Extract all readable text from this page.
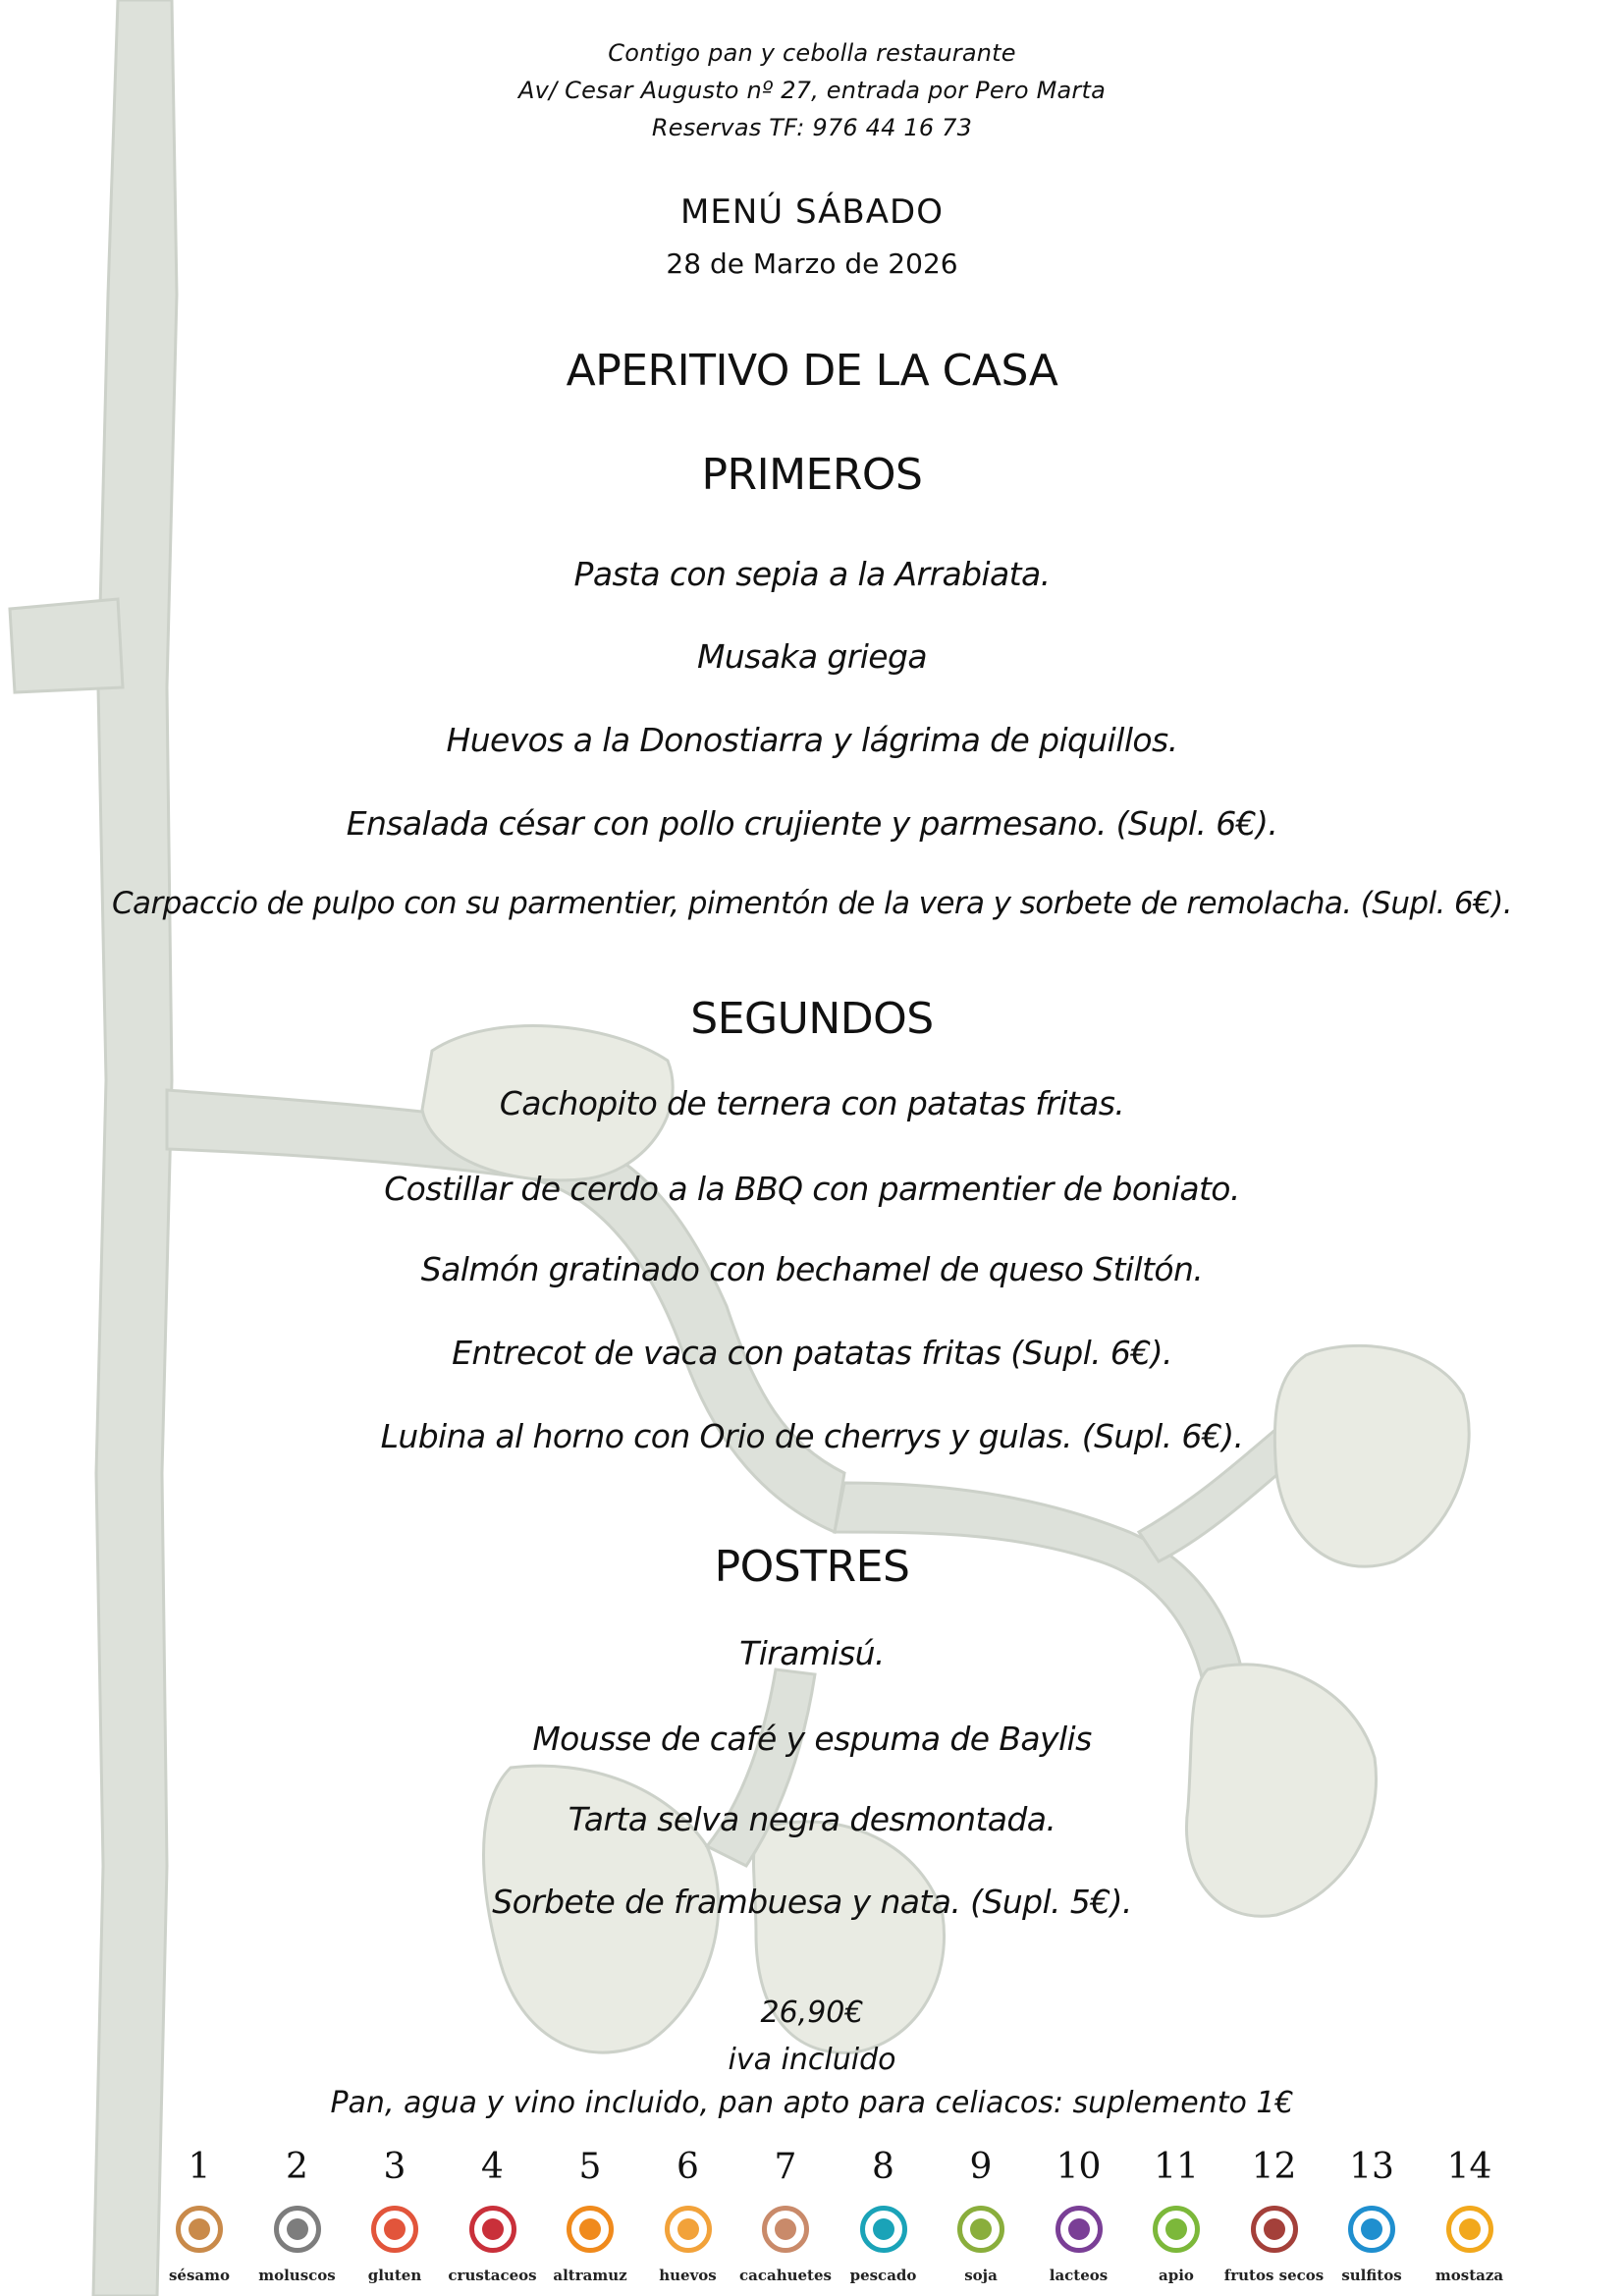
Contigo pan y cebolla restaurante
Av/ Cesar Augusto nº 27, entrada por Pero Marta
Reservas TF: 976 44 16 73
MENÚ SÁBADO
28 de Marzo de 2026
APERITIVO DE LA CASA
PRIMEROS
Pasta con sepia a la Arrabiata.
Musaka griega
Huevos a la Donostiarra y lágrima de piquillos.
Ensalada césar con pollo crujiente y parmesano. (Supl. 6€).
Carpaccio de pulpo con su parmentier, pimentón de la vera y sorbete de remolacha. (Supl. 6€).
SEGUNDOS
Cachopito de ternera con patatas fritas.
Costillar de cerdo a la BBQ con parmentier de boniato.
Salmón gratinado con bechamel de queso Stiltón.
Entrecot de vaca con patatas fritas (Supl. 6€).
Lubina al horno con Orio de cherrys y gulas. (Supl. 6€).
POSTRES
Tiramisú.
Mousse de café y espuma de Baylis
Tarta selva negra desmontada.
Sorbete de frambuesa y nata. (Supl. 5€).
26,90€
iva incluido
Pan, agua y vino incluido, pan apto para celiacos: suplemento 1€
1
sésamo
2
moluscos
3
gluten
4
crustaceos
5
altramuz
6
huevos
7
cacahuetes
8
pescado
9
soja
10
lacteos
11
apio
12
frutos secos
13
sulfitos
14
mostaza
